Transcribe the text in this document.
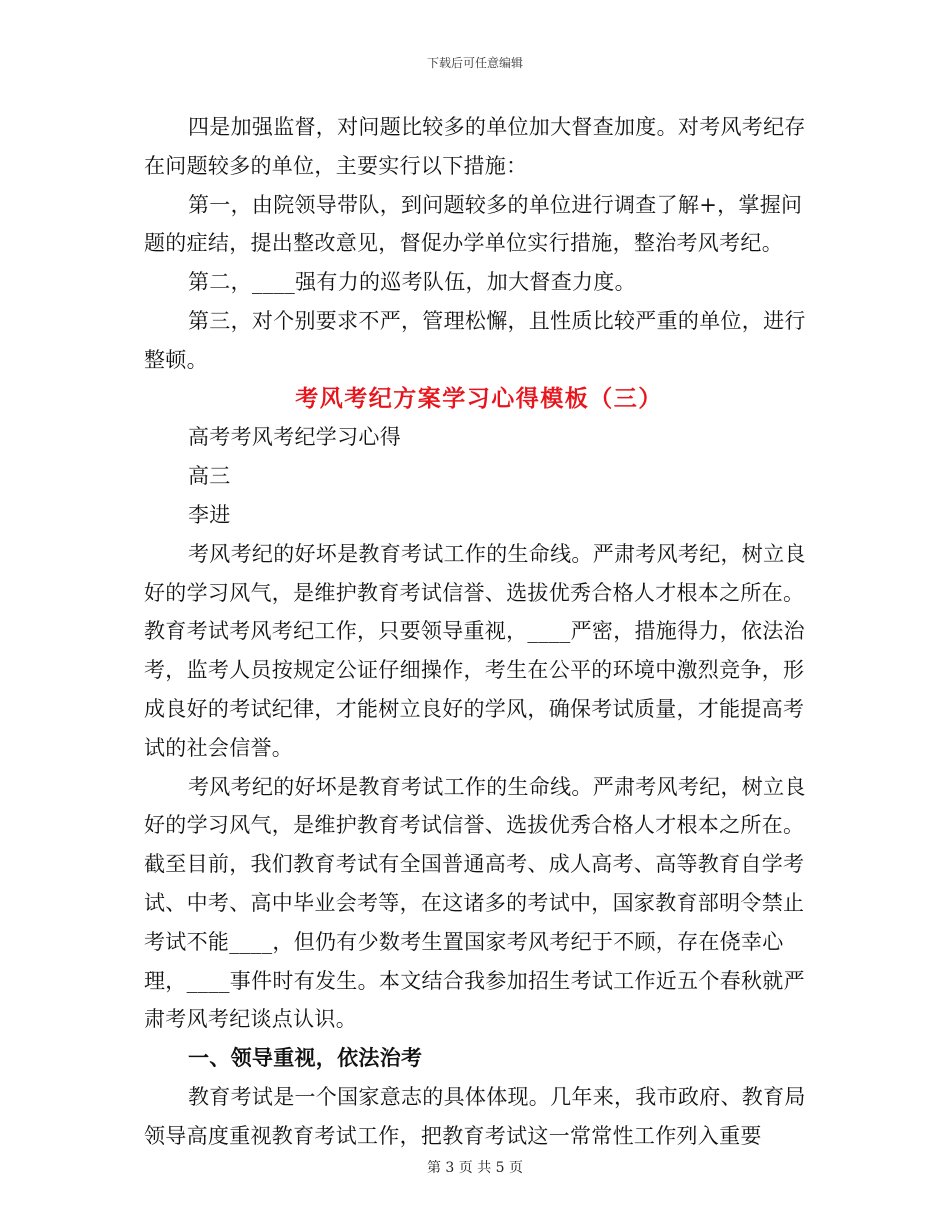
下载后可任意编辑

四是加强监督，对问题比较多的单位加大督查加度。对考风考纪存在问题较多的单位，主要实行以下措施：

第一，由院领导带队，到问题较多的单位进行调查了解+，掌握问题的症结，提出整改意见，督促办学单位实行措施，整治考风考纪。

第二，____强有力的巡考队伍，加大督查力度。

第三，对个别要求不严，管理松懈，且性质比较严重的单位，进行整顿。

考风考纪方案学习心得模板（三）

高考考风考纪学习心得

高三

李进

考风考纪的好坏是教育考试工作的生命线。严肃考风考纪，树立良好的学习风气，是维护教育考试信誉、选拔优秀合格人才根本之所在。教育考试考风考纪工作，只要领导重视，____严密，措施得力，依法治考，监考人员按规定公证仔细操作，考生在公平的环境中激烈竞争，形成良好的考试纪律，才能树立良好的学风，确保考试质量，才能提高考试的社会信誉。

考风考纪的好坏是教育考试工作的生命线。严肃考风考纪，树立良好的学习风气，是维护教育考试信誉、选拔优秀合格人才根本之所在。截至目前，我们教育考试有全国普通高考、成人高考、高等教育自学考试、中考、高中毕业会考等，在这诸多的考试中，国家教育部明令禁止考试不能____，但仍有少数考生置国家考风考纪于不顾，存在侥幸心理，____事件时有发生。本文结合我参加招生考试工作近五个春秋就严肃考风考纪谈点认识。

一、领导重视，依法治考

教育考试是一个国家意志的具体体现。几年来，我市政府、教育局领导高度重视教育考试工作，把教育考试这一常常性工作列入重要

第 3 页 共 5 页
